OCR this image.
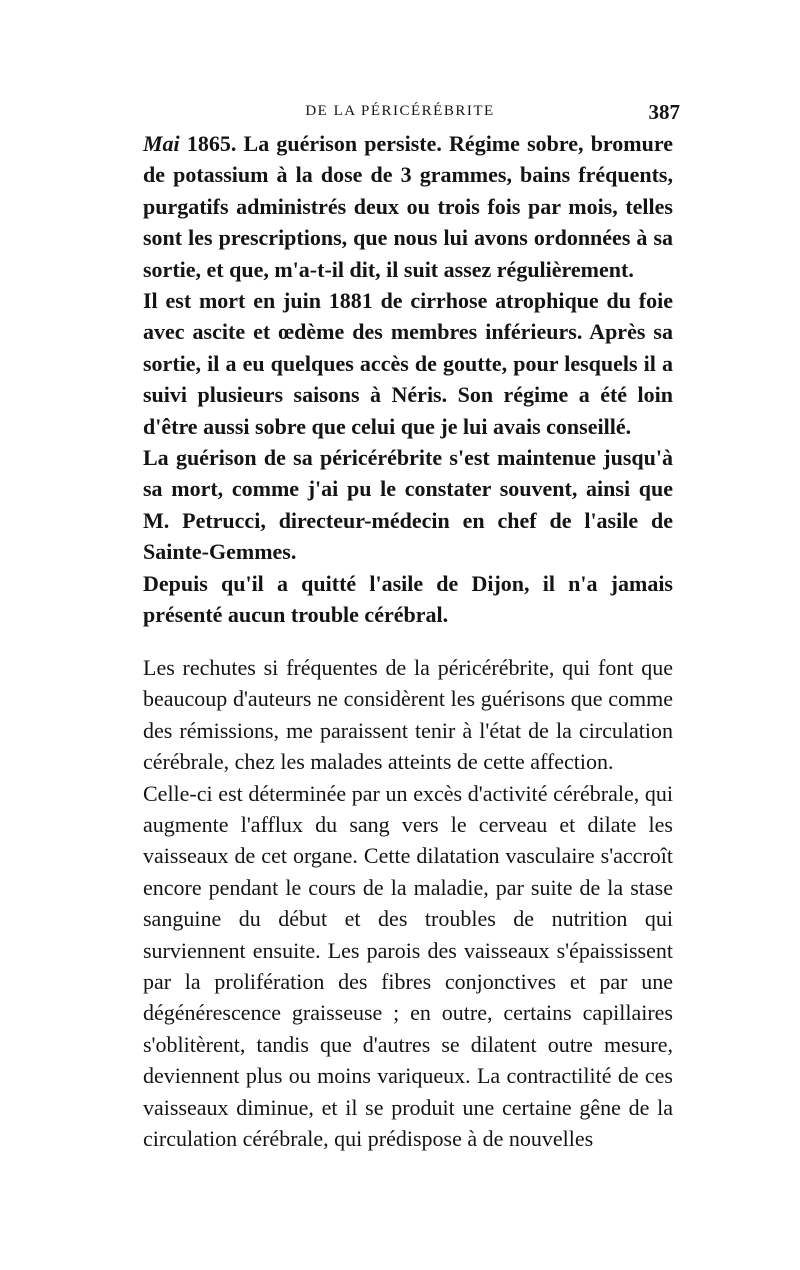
DE LA PÉRICÉRÉBRITE	387

Mai 1865. La guérison persiste. Régime sobre, bromure de potassium à la dose de 3 grammes, bains fréquents, purgatifs administrés deux ou trois fois par mois, telles sont les prescriptions, que nous lui avons ordonnées à sa sortie, et que, m'a-t-il dit, il suit assez régulièrement.

Il est mort en juin 1881 de cirrhose atrophique du foie avec ascite et œdème des membres inférieurs. Après sa sortie, il a eu quelques accès de goutte, pour lesquels il a suivi plusieurs saisons à Néris. Son régime a été loin d'être aussi sobre que celui que je lui avais conseillé.

La guérison de sa péricérébrite s'est maintenue jusqu'à sa mort, comme j'ai pu le constater souvent, ainsi que M. Petrucci, directeur-médecin en chef de l'asile de Sainte-Gemmes.

Depuis qu'il a quitté l'asile de Dijon, il n'a jamais présenté aucun trouble cérébral.

Les rechutes si fréquentes de la péricérébrite, qui font que beaucoup d'auteurs ne considèrent les guérisons que comme des rémissions, me paraissent tenir à l'état de la circulation cérébrale, chez les malades atteints de cette affection.

Celle-ci est déterminée par un excès d'activité cérébrale, qui augmente l'afflux du sang vers le cerveau et dilate les vaisseaux de cet organe. Cette dilatation vasculaire s'accroît encore pendant le cours de la maladie, par suite de la stase sanguine du début et des troubles de nutrition qui surviennent ensuite. Les parois des vaisseaux s'épaississent par la prolifération des fibres conjonctives et par une dégénérescence graisseuse ; en outre, certains capillaires s'oblitèrent, tandis que d'autres se dilatent outre mesure, deviennent plus ou moins variqueux. La contractilité de ces vaisseaux diminue, et il se produit une certaine gêne de la circulation cérébrale, qui prédispose à de nouvelles
